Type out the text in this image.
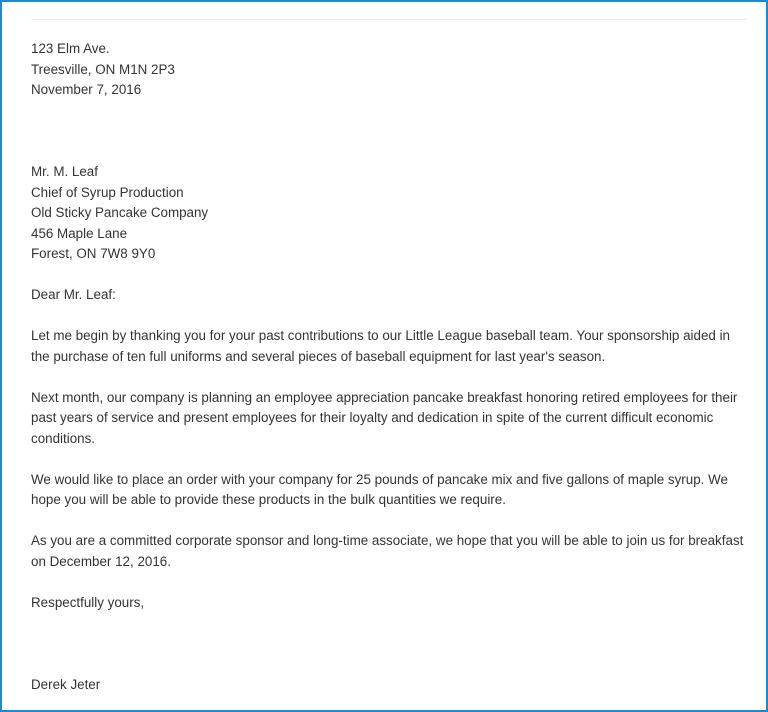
123 Elm Ave.
Treesville, ON M1N 2P3
November 7, 2016
Mr. M. Leaf
Chief of Syrup Production
Old Sticky Pancake Company
456 Maple Lane
Forest, ON 7W8 9Y0
Dear Mr. Leaf:
Let me begin by thanking you for your past contributions to our Little League baseball team. Your sponsorship aided in
the purchase of ten full uniforms and several pieces of baseball equipment for last year's season.
Next month, our company is planning an employee appreciation pancake breakfast honoring retired employees for their
past years of service and present employees for their loyalty and dedication in spite of the current difficult economic
conditions.
We would like to place an order with your company for 25 pounds of pancake mix and five gallons of maple syrup. We
hope you will be able to provide these products in the bulk quantities we require.
As you are a committed corporate sponsor and long-time associate, we hope that you will be able to join us for breakfast
on December 12, 2016.
Respectfully yours,
Derek Jeter
